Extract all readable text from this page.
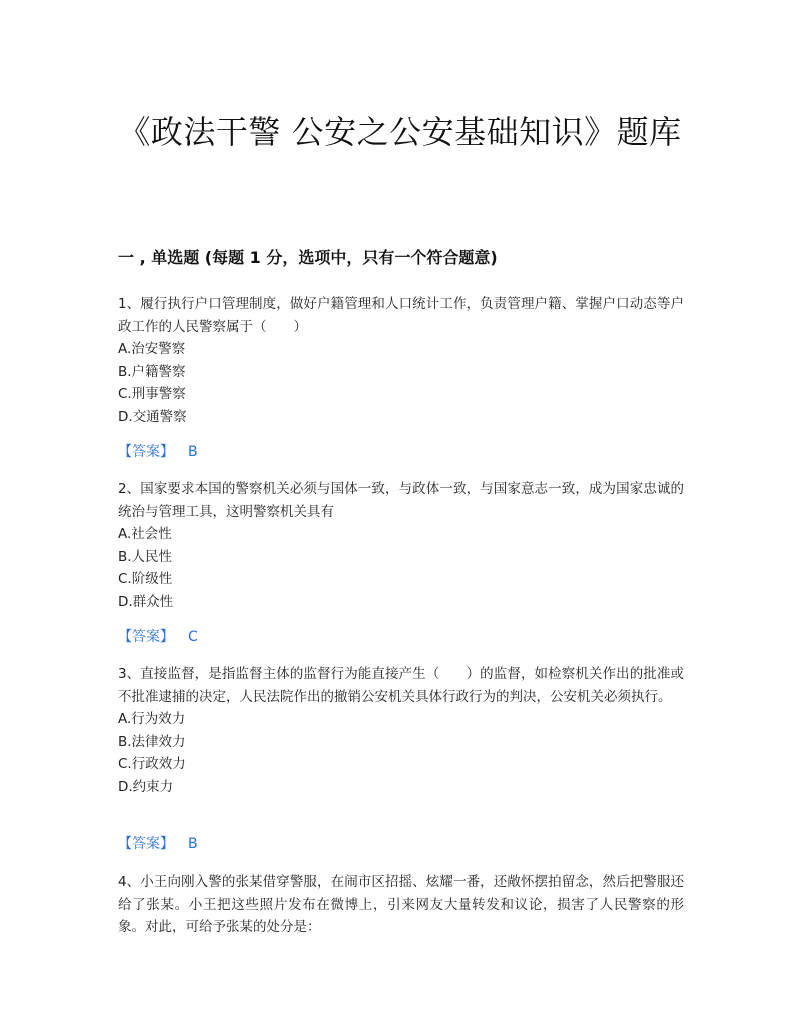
《政法干警 公安之公安基础知识》题库
一 , 单选题 (每题 1 分，选项中，只有一个符合题意)
1、履行执行户口管理制度，做好户籍管理和人口统计工作，负责管理户籍、掌握户口动态等户政工作的人民警察属于（　　）
A.治安警察
B.户籍警察
C.刑事警察
D.交通警察
【答案】 B
2、国家要求本国的警察机关必须与国体一致，与政体一致，与国家意志一致，成为国家忠诚的统治与管理工具，这明警察机关具有
A.社会性
B.人民性
C.阶级性
D.群众性
【答案】 C
3、直接监督，是指监督主体的监督行为能直接产生（　　）的监督，如检察机关作出的批准或不批准逮捕的决定，人民法院作出的撤销公安机关具体行政行为的判决，公安机关必须执行。
A.行为效力
B.法律效力
C.行政效力
D.约束力
【答案】 B
4、小王向刚入警的张某借穿警服，在闹市区招摇、炫耀一番，还敞怀摆拍留念，然后把警服还给了张某。小王把这些照片发布在微博上，引来网友大量转发和议论，损害了人民警察的形象。对此，可给予张某的处分是：
